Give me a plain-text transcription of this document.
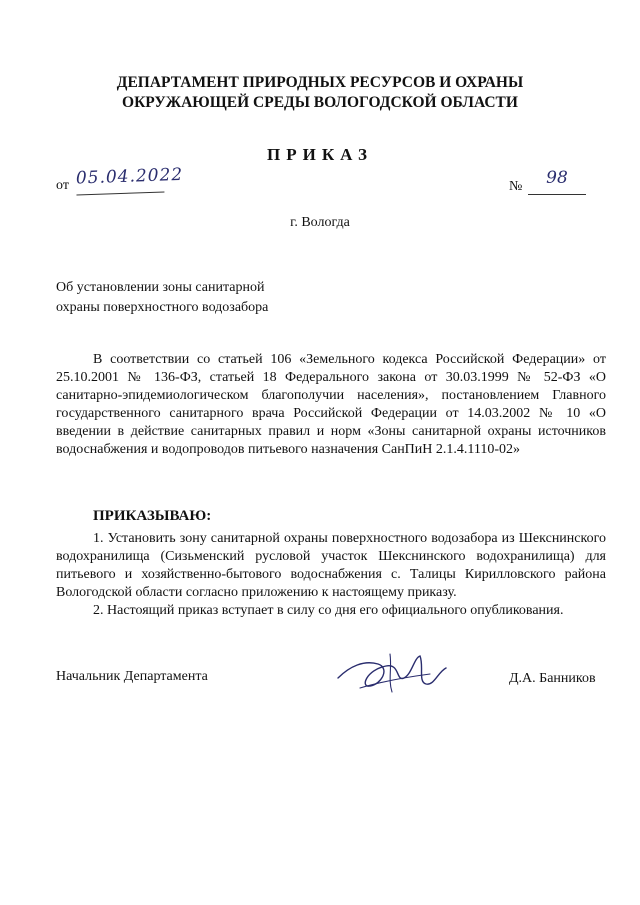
ДЕПАРТАМЕНТ ПРИРОДНЫХ РЕСУРСОВ И ОХРАНЫ
ОКРУЖАЮЩЕЙ СРЕДЫ ВОЛОГОДСКОЙ ОБЛАСТИ
ПРИКАЗ
от 05.04.2022	№	98
г. Вологда
Об установлении зоны санитарной
охраны поверхностного водозабора
В соответствии со статьей 106 «Земельного кодекса Российской Федерации» от 25.10.2001 № 136-ФЗ, статьей 18 Федерального закона от 30.03.1999 № 52-ФЗ «О санитарно-эпидемиологическом благополучии населения», постановлением Главного государственного санитарного врача Российской Федерации от 14.03.2002 № 10 «О введении в действие санитарных правил и норм «Зоны санитарной охраны источников водоснабжения и водопроводов питьевого назначения СанПиН 2.1.4.1110-02»
ПРИКАЗЫВАЮ:

1. Установить зону санитарной охраны поверхностного водозабора из Шекснинского водохранилища (Сизьменский русловой участок Шекснинского водохранилища) для питьевого и хозяйственно-бытового водоснабжения с. Талицы Кирилловского района Вологодской области согласно приложению к настоящему приказу.

2. Настоящий приказ вступает в силу со дня его официального опубликования.

Начальник Департамента	Д.А. Банников
